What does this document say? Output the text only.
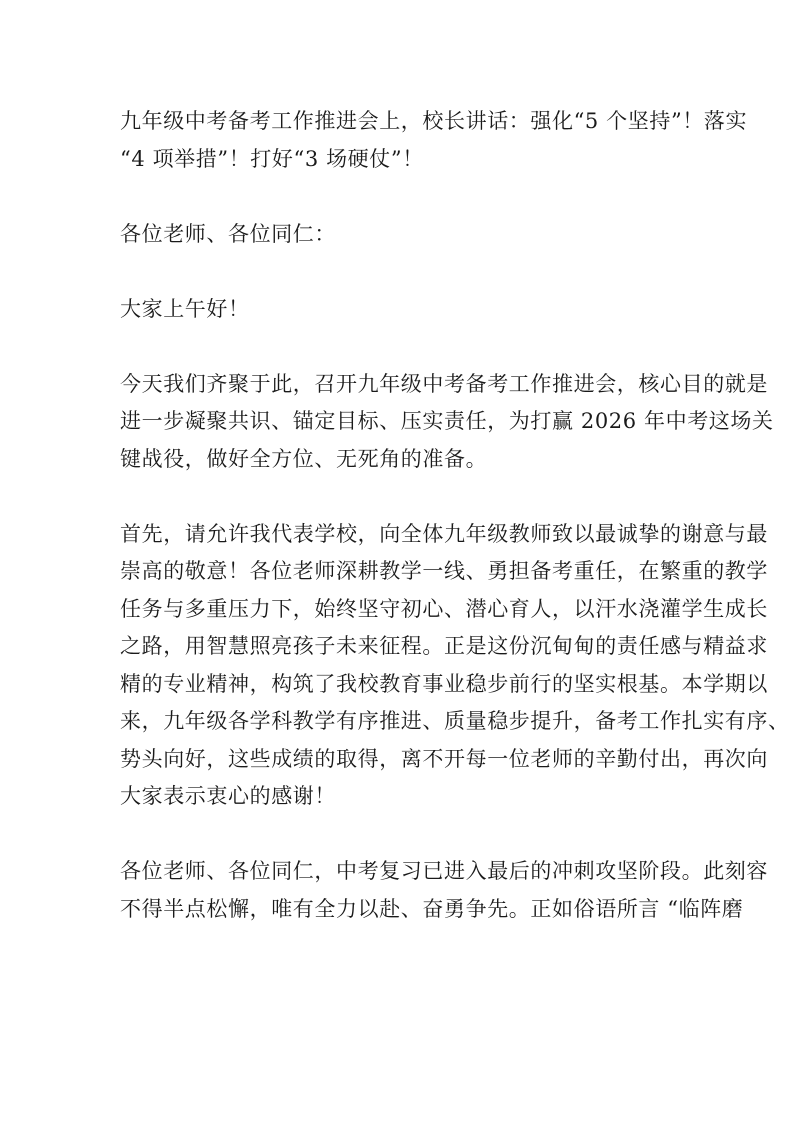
九年级中考备考工作推进会上，校长讲话：强化“5 个坚持”！落实
“4 项举措”！打好“3 场硬仗”！
各位老师、各位同仁：
大家上午好！
今天我们齐聚于此，召开九年级中考备考工作推进会，核心目的就是
进一步凝聚共识、锚定目标、压实责任，为打赢 2026 年中考这场关
键战役，做好全方位、无死角的准备。
首先，请允许我代表学校，向全体九年级教师致以最诚挚的谢意与最
崇高的敬意！各位老师深耕教学一线、勇担备考重任，在繁重的教学
任务与多重压力下，始终坚守初心、潜心育人，以汗水浇灌学生成长
之路，用智慧照亮孩子未来征程。正是这份沉甸甸的责任感与精益求
精的专业精神，构筑了我校教育事业稳步前行的坚实根基。本学期以
来，九年级各学科教学有序推进、质量稳步提升，备考工作扎实有序、
势头向好，这些成绩的取得，离不开每一位老师的辛勤付出，再次向
大家表示衷心的感谢！
各位老师、各位同仁，中考复习已进入最后的冲刺攻坚阶段。此刻容
不得半点松懈，唯有全力以赴、奋勇争先。正如俗语所言 “临阵磨
